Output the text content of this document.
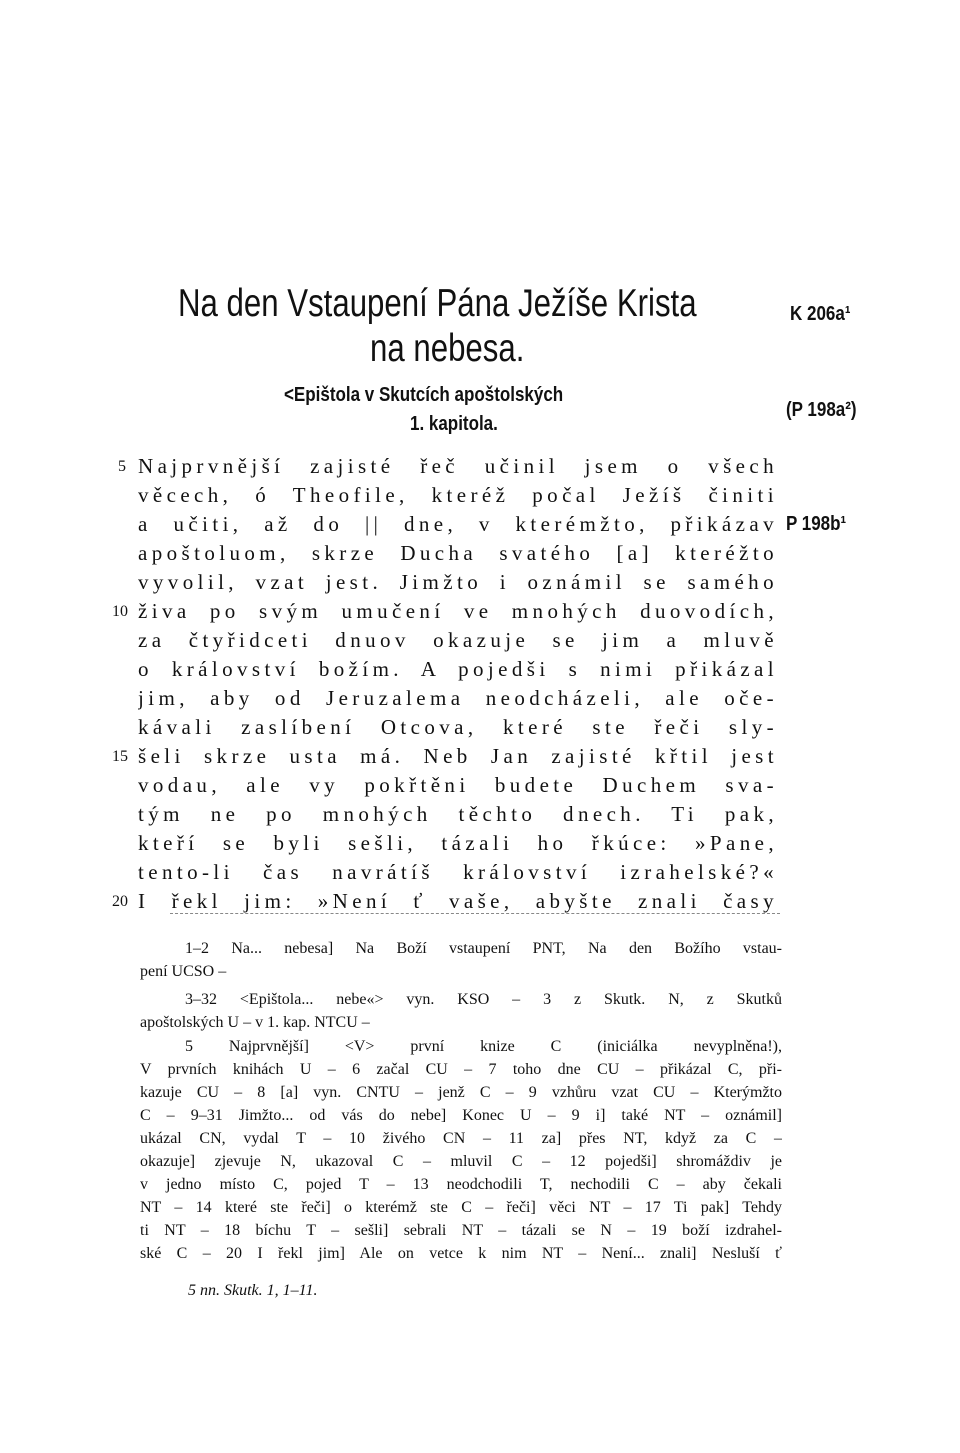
Na den Vstaupení Pána Ježíše Krista
na nebesa.
K 206a¹
<Epištola v Skutcích apoštolských
1. kapitola.
(P 198a²)
P 198b¹
Najprvnější zajisté řeč učinil jsem o všech
věcech, ó Theofile, kteréž počal Ježíš činiti
a učiti, až do || dne, v kterémžto, přikázav
apoštoluom, skrze Ducha svatého [a] kteréžto
vyvolil, vzat jest. Jimžto i oznámil se samého
živa po svým umučení ve mnohých duovodích,
za čtyřidceti dnuov okazuje se jim a mluvě
o království božím. A pojedši s nimi přikázal
jim, aby od Jeruzalema neodcházeli, ale oče-
kávali zaslíbení Otcova, které ste řeči sly-
šeli skrze usta má. Neb Jan zajisté křtil jest
vodau, ale vy pokřtěni budete Duchem sva-
tým ne po mnohých těchto dnech. Ti pak,
kteří se byli sešli, tázali ho řkúce: »Pane,
tento-li čas navrátíš království izrahelské?«
I řekl jim: »Není ť vaše, abyšte znali časy
5
10
15
20
1–2 Na... nebesa] Na Boží vstaupení PNT, Na den Božího vstau-
pení UCSO –
3–32 <Epištola... nebe«> vyn. KSO – 3 z Skutk. N, z Skutků
apoštolských U – v 1. kap. NTCU –
5 Najprvnější] <V> první knize C (iniciálka nevyplněna!),
V prvních knihách U – 6 začal CU – 7 toho dne CU – přikázal C, při-
kazuje CU – 8 [a] vyn. CNTU – jenž C – 9 vzhůru vzat CU – Kterýmžto
C – 9–31 Jimžto... od vás do nebe] Konec U – 9 i] také NT – oznámil]
ukázal CN, vydal T – 10 živého CN – 11 za] přes NT, když za C –
okazuje] zjevuje N, ukazoval C – mluvil C – 12 pojedši] shromáždiv je
v jedno místo C, pojed T – 13 neodchodili T, nechodili C – aby čekali
NT – 14 které ste řeči] o kterémž ste C – řeči] věci NT – 17 Ti pak] Tehdy
ti NT – 18 bíchu T – sešli] sebrali NT – tázali se N – 19 boží izdrahel-
ské C – 20 I řekl jim] Ale on vetce k nim NT – Není... znali] Nesluší ť
5 nn. Skutk. 1, 1–11.
